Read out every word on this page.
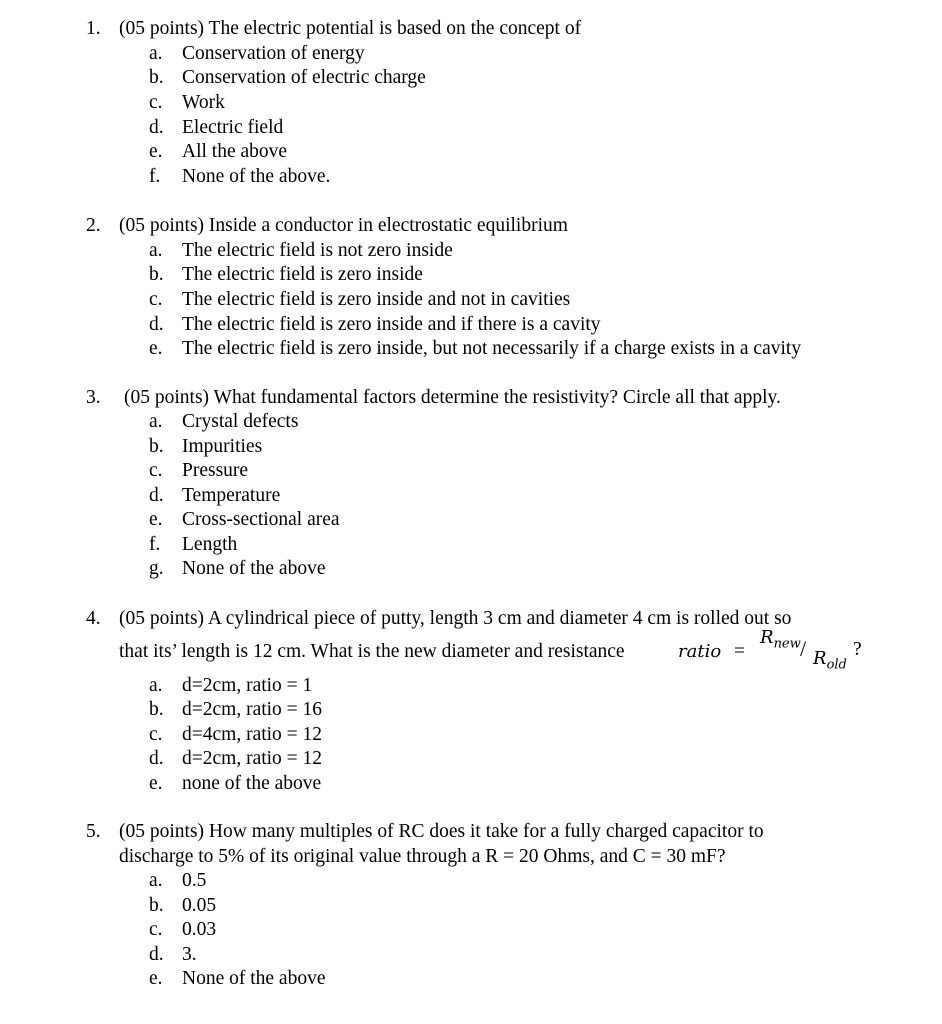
1. (05 points) The electric potential is based on the concept of
a. Conservation of energy
b. Conservation of electric charge
c. Work
d. Electric field
e. All the above
f. None of the above.
2. (05 points) Inside a conductor in electrostatic equilibrium
a. The electric field is not zero inside
b. The electric field is zero inside
c. The electric field is zero inside and not in cavities
d. The electric field is zero inside and if there is a cavity
e. The electric field is zero inside, but not necessarily if a charge exists in a cavity
3. (05 points) What fundamental factors determine the resistivity? Circle all that apply.
a. Crystal defects
b. Impurities
c. Pressure
d. Temperature
e. Cross-sectional area
f. Length
g. None of the above
4. (05 points) A cylindrical piece of putty, length 3 cm and diameter 4 cm is rolled out so
that its’ length is 12 cm. What is the new diameter and resistance	ratio =
$R_{new} / R_{old}$
?
a. d=2cm, ratio = 1
b. d=2cm, ratio = 16
c. d=4cm, ratio = 12
d. d=2cm, ratio = 12
e. none of the above
5. (05 points) How many multiples of RC does it take for a fully charged capacitor to
discharge to 5% of its original value through a R = 20 Ohms, and C = 30 mF?
a. 0.5
b. 0.05
c. 0.03
d. 3.
e. None of the above
